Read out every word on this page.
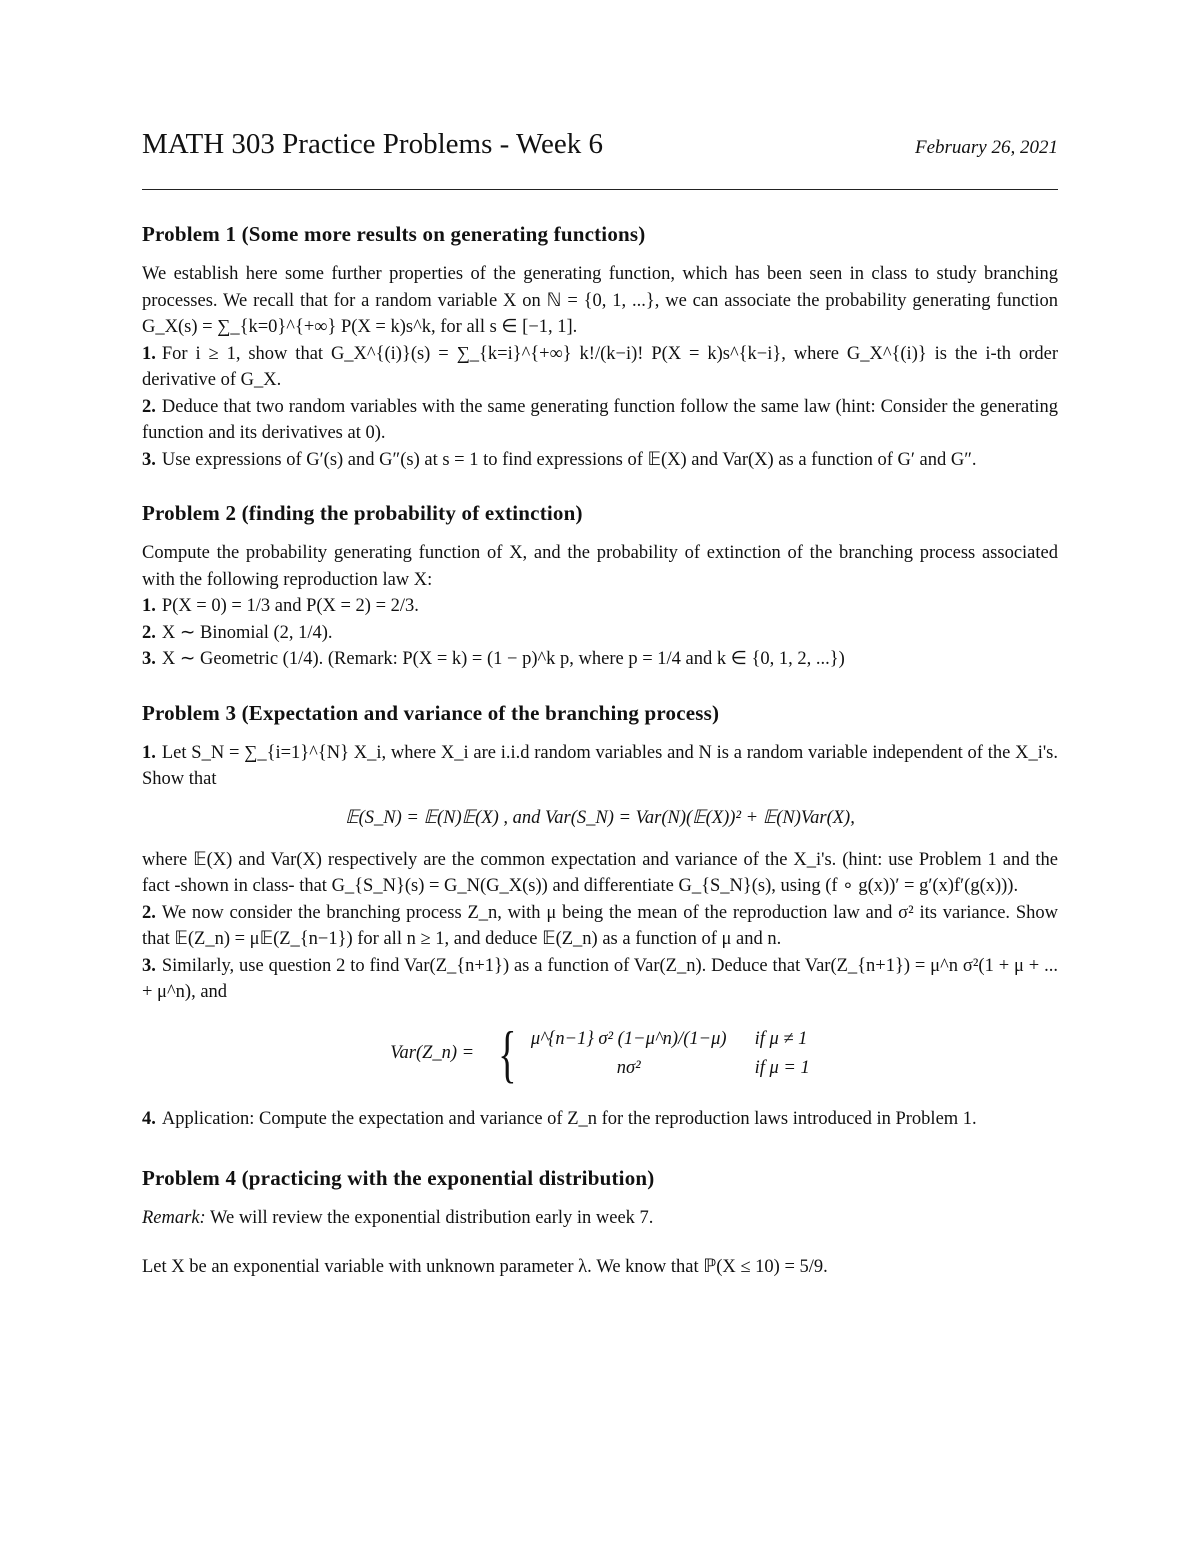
MATH 303 Practice Problems - Week 6	February 26, 2021
Problem 1 (Some more results on generating functions)

We establish here some further properties of the generating function, which has been seen in class to study branching processes. We recall that for a random variable X on ℕ = {0, 1, ...}, we can associate the probability generating function G_X(s) = ∑_{k=0}^{+∞} P(X = k)s^k, for all s ∈ [−1, 1].

1. For i ≥ 1, show that G_X^{(i)}(s) = ∑_{k=i}^{+∞} k!/(k−i)! P(X = k)s^{k−i}, where G_X^{(i)} is the i-th order derivative of G_X.

2. Deduce that two random variables with the same generating function follow the same law (hint: Consider the generating function and its derivatives at 0).

3. Use expressions of G′(s) and G″(s) at s = 1 to find expressions of 𝔼(X) and Var(X) as a function of G′ and G″.

Problem 2 (finding the probability of extinction)

Compute the probability generating function of X, and the probability of extinction of the branching process associated with the following reproduction law X:

1. P(X = 0) = 1/3 and P(X = 2) = 2/3.

2. X ∼ Binomial (2, 1/4).

3. X ∼ Geometric (1/4). (Remark: P(X = k) = (1 − p)^k p, where p = 1/4 and k ∈ {0, 1, 2, ...})

Problem 3 (Expectation and variance of the branching process)

1. Let S_N = ∑_{i=1}^{N} X_i, where X_i are i.i.d random variables and N is a random variable independent of the X_i's. Show that

𝔼(S_N) = 𝔼(N)𝔼(X) , and Var(S_N) = Var(N)(𝔼(X))² + 𝔼(N)Var(X),

where 𝔼(X) and Var(X) respectively are the common expectation and variance of the X_i's. (hint: use Problem 1 and the fact -shown in class- that G_{S_N}(s) = G_N(G_X(s)) and differentiate G_{S_N}(s), using (f ∘ g(x))′ = g′(x)f′(g(x))).

2. We now consider the branching process Z_n, with μ being the mean of the reproduction law and σ² its variance. Show that 𝔼(Z_n) = μ𝔼(Z_{n−1}) for all n ≥ 1, and deduce 𝔼(Z_n) as a function of μ and n.

3. Similarly, use question 2 to find Var(Z_{n+1}) as a function of Var(Z_n). Deduce that Var(Z_{n+1}) = μ^n σ²(1 + μ + ... + μ^n), and

Var(Z_n) = { μ^{n−1} σ² (1−μ^n)/(1−μ) if μ ≠ 1
nσ²	if μ = 1

4. Application: Compute the expectation and variance of Z_n for the reproduction laws introduced in Problem 1.

Problem 4 (practicing with the exponential distribution)

Remark: We will review the exponential distribution early in week 7.

Let X be an exponential variable with unknown parameter λ. We know that ℙ(X ≤ 10) = 5/9.
